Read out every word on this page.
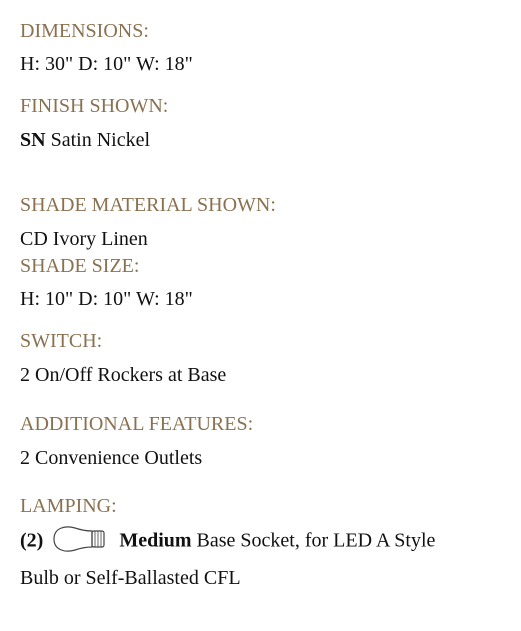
DIMENSIONS:
H: 30" D: 10" W: 18"
FINISH SHOWN:
SN Satin Nickel
SHADE MATERIAL SHOWN:
CD Ivory Linen
SHADE SIZE:
H: 10" D: 10" W: 18"
SWITCH:
2 On/Off Rockers at Base
ADDITIONAL FEATURES:
2 Convenience Outlets
LAMPING:
(2)	Medium Base Socket, for LED A Style
Bulb or Self-Ballasted CFL
